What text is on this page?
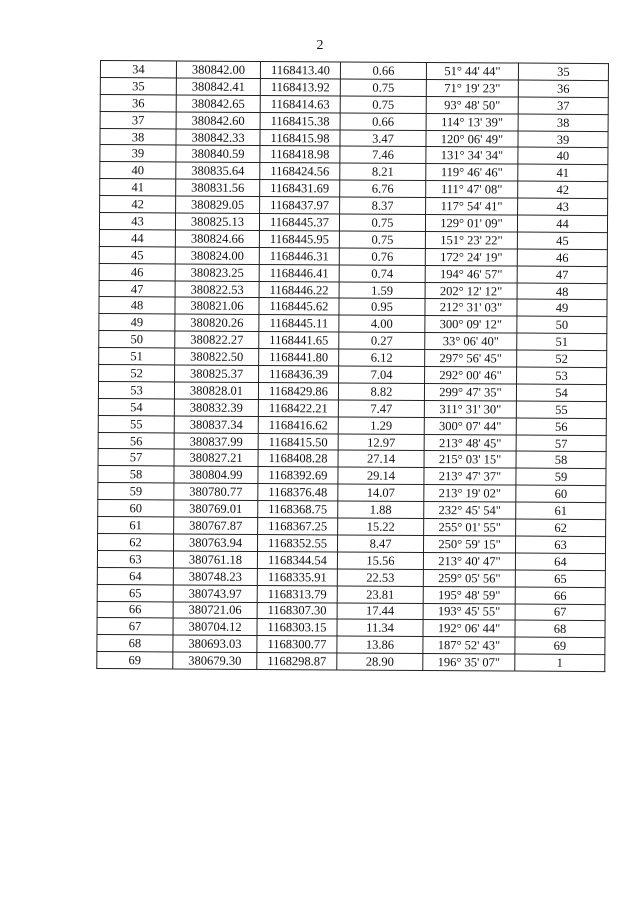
2
34	380842.00	1168413.40	0.66	51° 44' 44"	35
35	380842.41	1168413.92	0.75	71° 19' 23"	36
36	380842.65	1168414.63	0.75	93° 48' 50"	37
37	380842.60	1168415.38	0.66	114° 13' 39"	38
38	380842.33	1168415.98	3.47	120° 06' 49"	39
39	380840.59	1168418.98	7.46	131° 34' 34"	40
40	380835.64	1168424.56	8.21	119° 46' 46"	41
41	380831.56	1168431.69	6.76	111° 47' 08"	42
42	380829.05	1168437.97	8.37	117° 54' 41"	43
43	380825.13	1168445.37	0.75	129° 01' 09"	44
44	380824.66	1168445.95	0.75	151° 23' 22"	45
45	380824.00	1168446.31	0.76	172° 24' 19"	46
46	380823.25	1168446.41	0.74	194° 46' 57"	47
47	380822.53	1168446.22	1.59	202° 12' 12"	48
48	380821.06	1168445.62	0.95	212° 31' 03"	49
49	380820.26	1168445.11	4.00	300° 09' 12"	50
50	380822.27	1168441.65	0.27	33° 06' 40"	51
51	380822.50	1168441.80	6.12	297° 56' 45"	52
52	380825.37	1168436.39	7.04	292° 00' 46"	53
53	380828.01	1168429.86	8.82	299° 47' 35"	54
54	380832.39	1168422.21	7.47	311° 31' 30"	55
55	380837.34	1168416.62	1.29	300° 07' 44"	56
56	380837.99	1168415.50	12.97	213° 48' 45"	57
57	380827.21	1168408.28	27.14	215° 03' 15"	58
58	380804.99	1168392.69	29.14	213° 47' 37"	59
59	380780.77	1168376.48	14.07	213° 19' 02"	60
60	380769.01	1168368.75	1.88	232° 45' 54"	61
61	380767.87	1168367.25	15.22	255° 01' 55"	62
62	380763.94	1168352.55	8.47	250° 59' 15"	63
63	380761.18	1168344.54	15.56	213° 40' 47"	64
64	380748.23	1168335.91	22.53	259° 05' 56"	65
65	380743.97	1168313.79	23.81	195° 48' 59"	66
66	380721.06	1168307.30	17.44	193° 45' 55"	67
67	380704.12	1168303.15	11.34	192° 06' 44"	68
68	380693.03	1168300.77	13.86	187° 52' 43"	69
69	380679.30	1168298.87	28.90	196° 35' 07"	1
